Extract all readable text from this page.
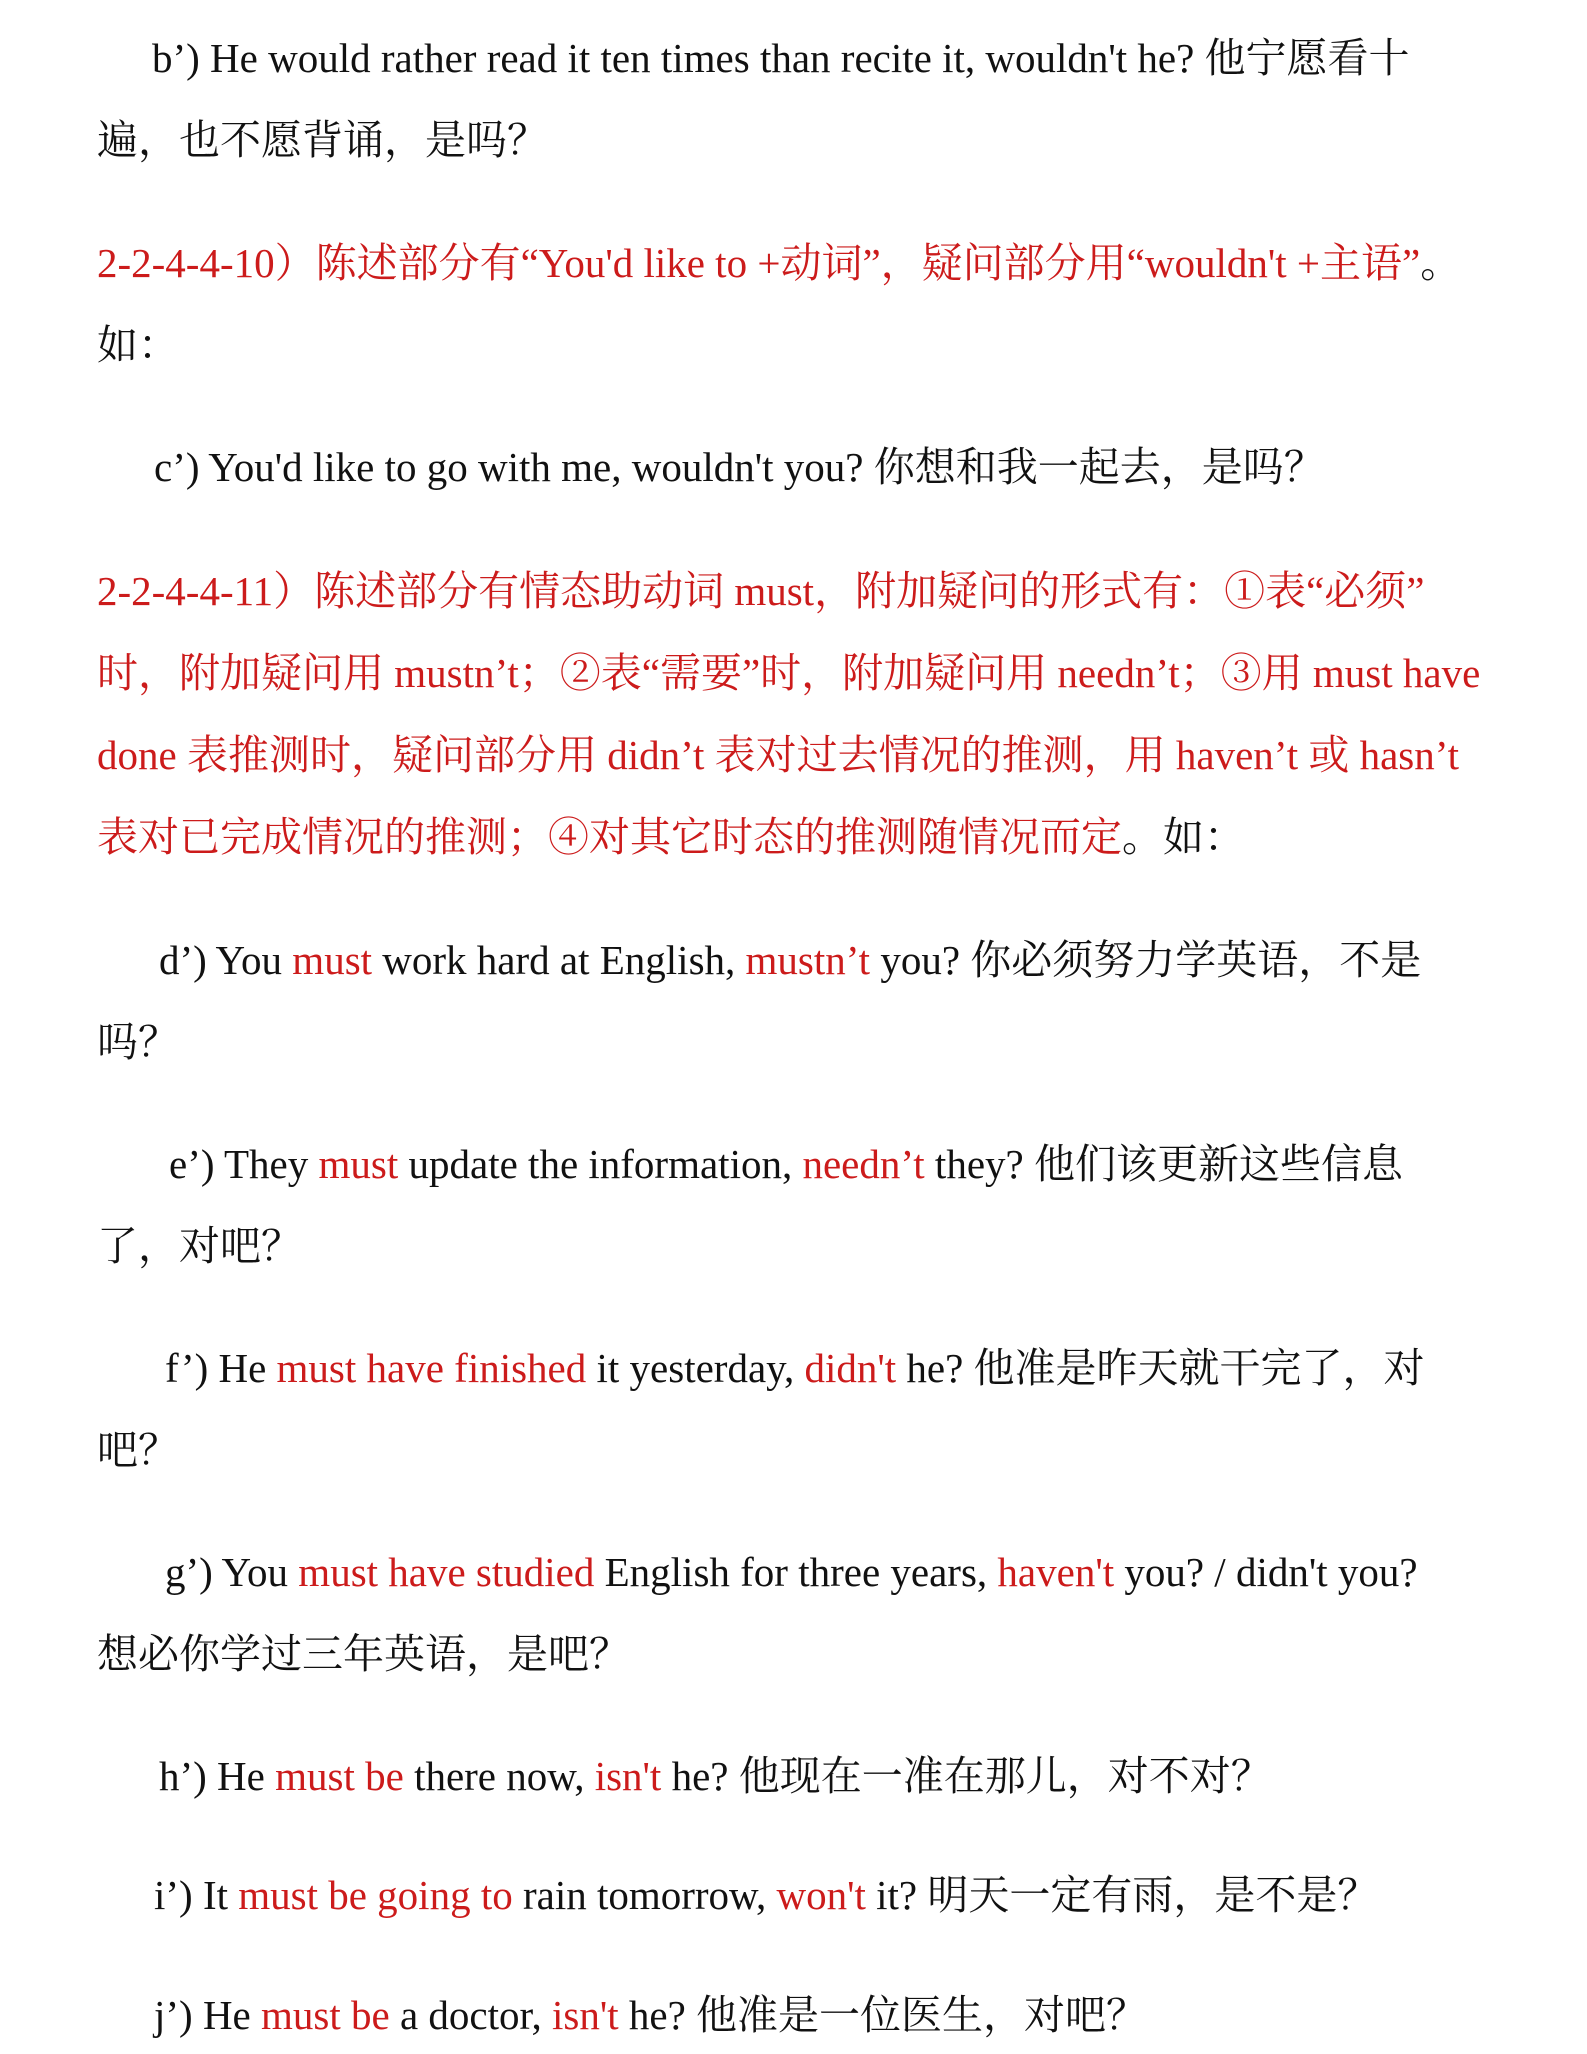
b’) He would rather read it ten times than recite it, wouldn't he? 他宁愿看十

遍，也不愿背诵，是吗？

2-2-4-4-10）陈述部分有“You'd like to +动词”，疑问部分用“wouldn't +主语”。

如：

c’) You'd like to go with me, wouldn't you? 你想和我一起去，是吗？

2-2-4-4-11）陈述部分有情态助动词 must，附加疑问的形式有：①表“必须”

时，附加疑问用 mustn’t；②表“需要”时，附加疑问用 needn’t；③用 must have

done 表推测时，疑问部分用 didn’t 表对过去情况的推测，用 haven’t 或 hasn’t

表对已完成情况的推测；④对其它时态的推测随情况而定。如：

d’) You must work hard at English, mustn’t you? 你必须努力学英语，不是

吗？

e’) They must update the information, needn’t they? 他们该更新这些信息

了，对吧？

f’) He must have finished it yesterday, didn't he? 他准是昨天就干完了，对

吧？

g’) You must have studied English for three years, haven't you? / didn't you?

想必你学过三年英语，是吧？

h’) He must be there now, isn't he? 他现在一准在那儿，对不对？

i’) It must be going to rain tomorrow, won't it? 明天一定有雨，是不是？

j’) He must be a doctor, isn't he? 他准是一位医生，对吧？
